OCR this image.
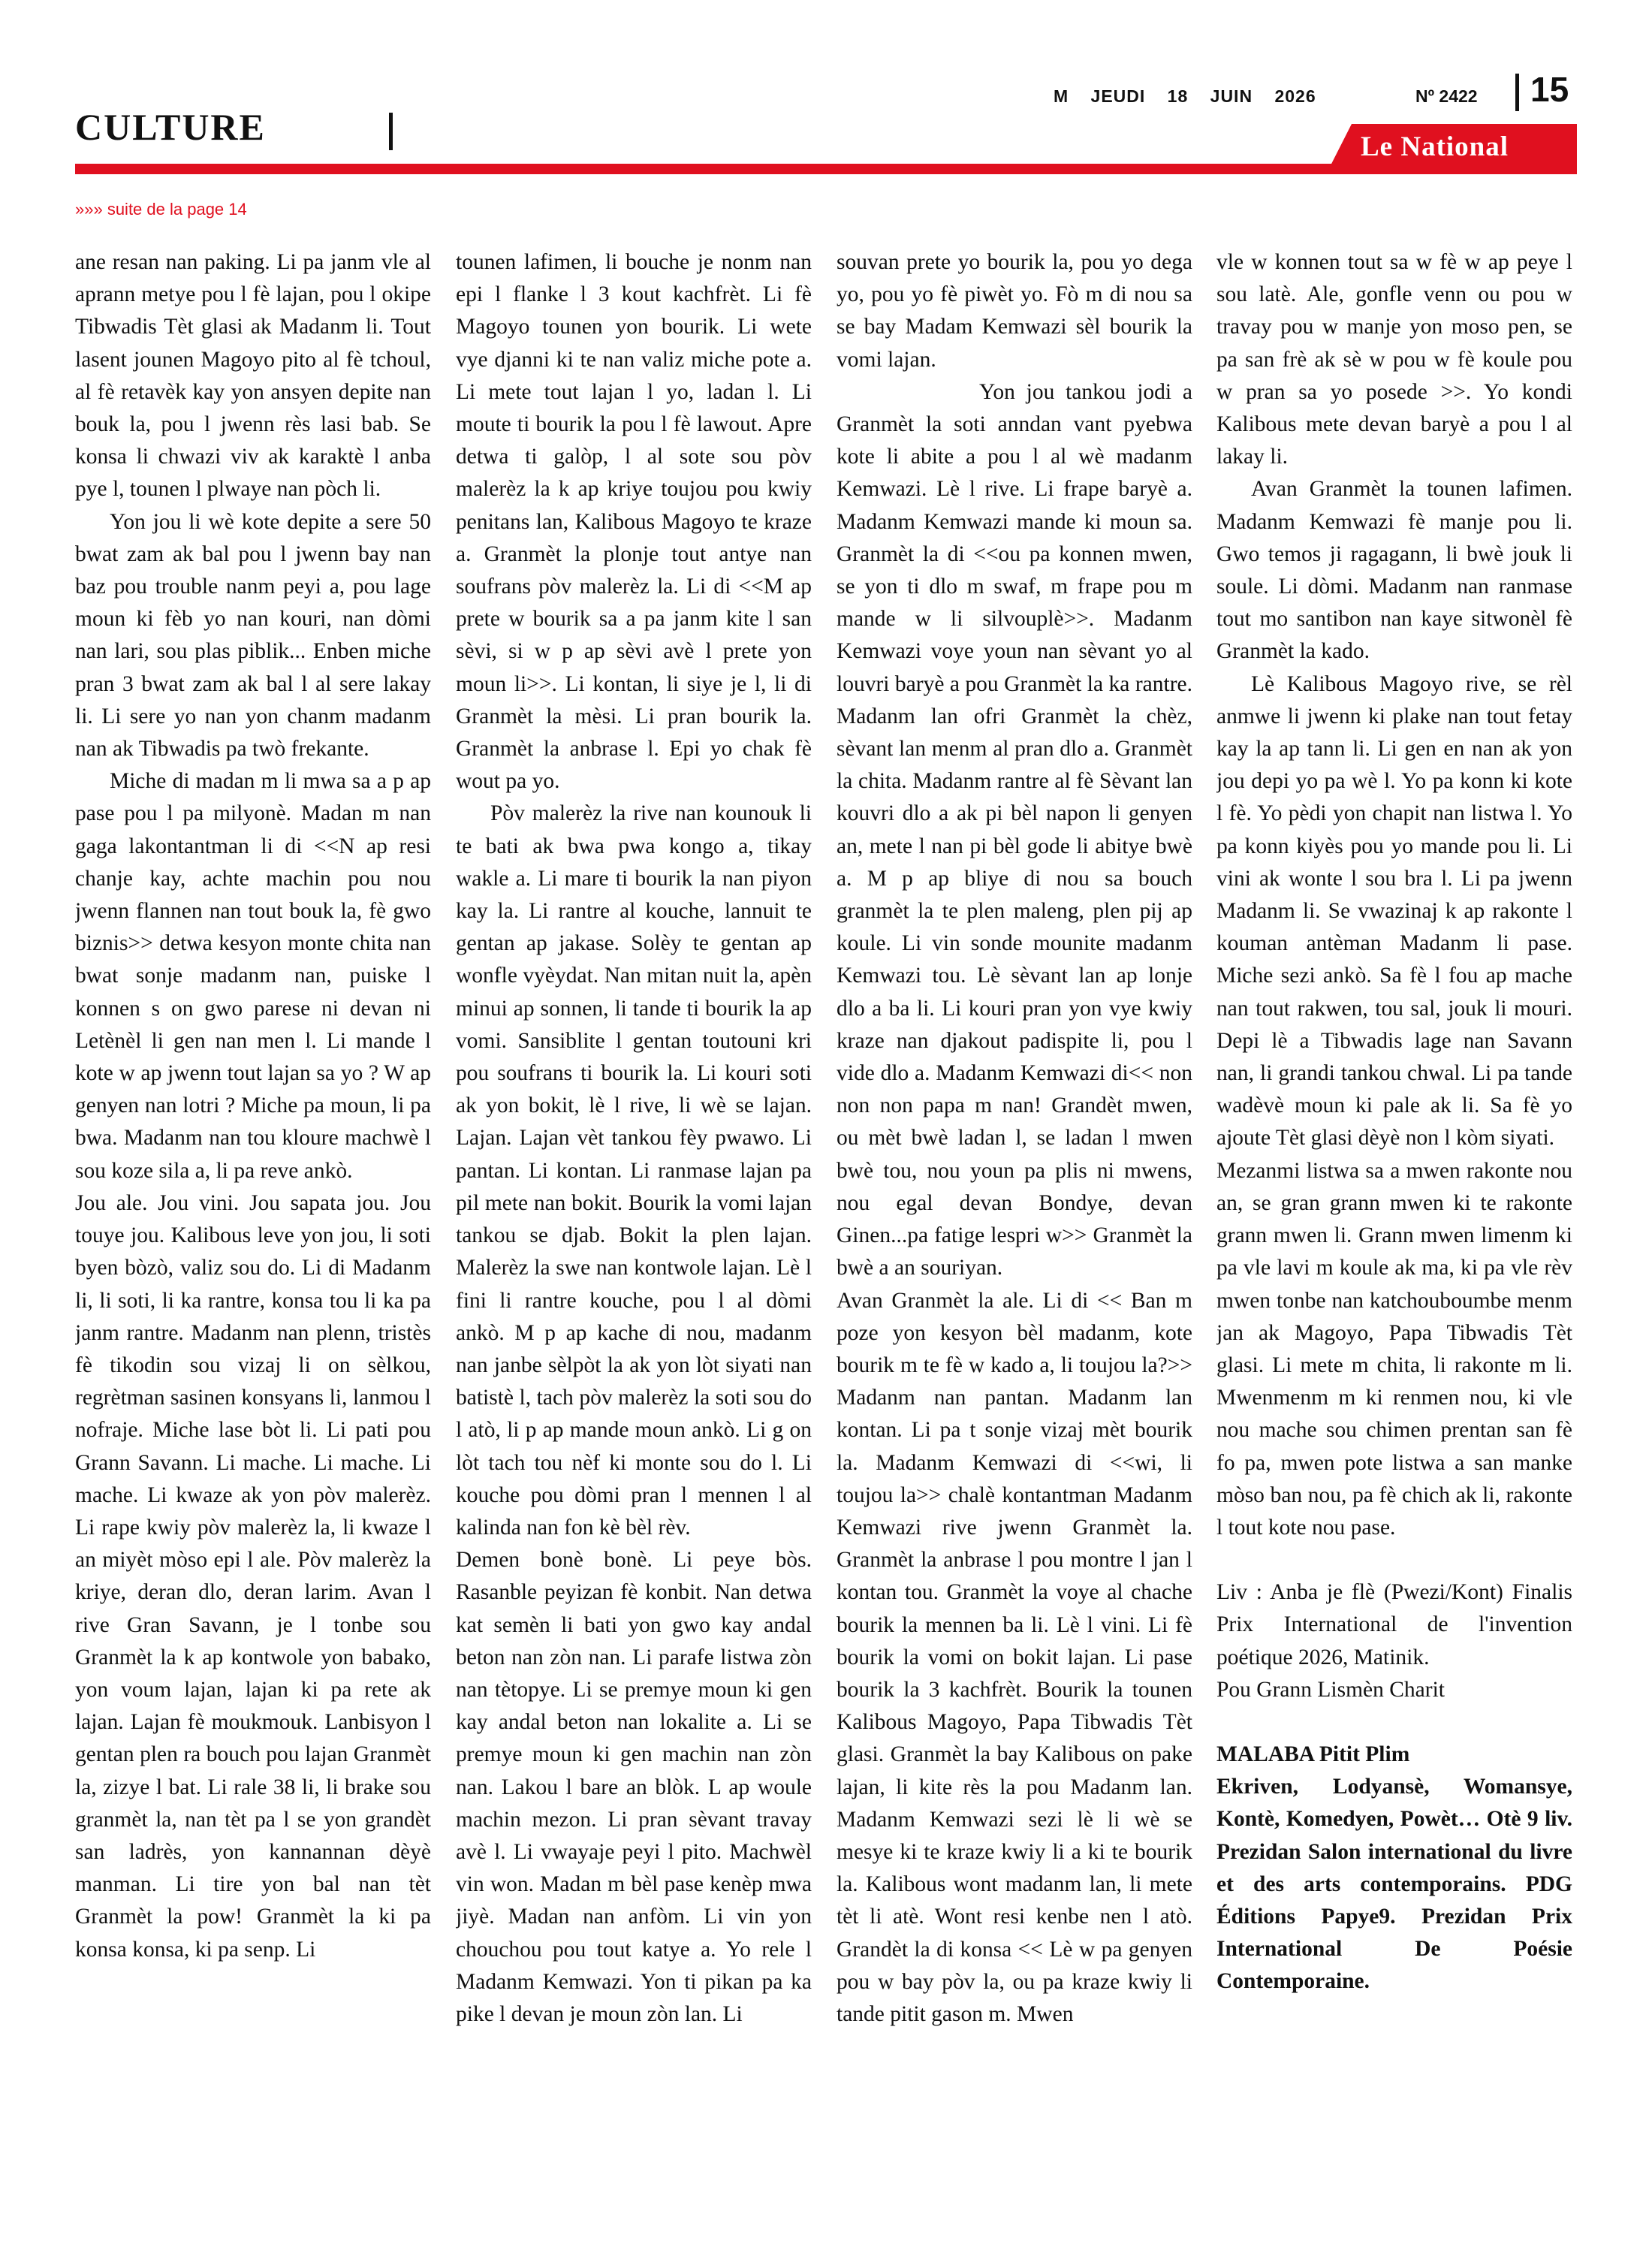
CULTURE
M JEUDI 18 JUIN 2026	Nº 2422 15
Le National
»»» suite de la page 14

ane resan nan paking. Li pa janm vle al aprann metye pou l fè lajan, pou l okipe Tibwadis Tèt glasi ak Madanm li. Tout lasent jounen Magoyo pito al fè tchoul, al fè retavèk kay yon ansyen depite nan bouk la, pou l jwenn rès lasi bab. Se konsa li chwazi viv ak karaktè l anba pye l, tounen l plwaye nan pòch li.

Yon jou li wè kote depite a sere 50 bwat zam ak bal pou l jwenn bay nan baz pou trouble nanm peyi a, pou lage moun ki fèb yo nan kouri, nan dòmi nan lari, sou plas piblik... Enben miche pran 3 bwat zam ak bal l al sere lakay li. Li sere yo nan yon chanm madanm nan ak Tibwadis pa twò frekante.

Miche di madan m li mwa sa a p ap pase pou l pa milyonè. Madan m nan gaga lakontantman li di <<N ap resi chanje kay, achte machin pou nou jwenn flannen nan tout bouk la, fè gwo biznis>> detwa kesyon monte chita nan bwat sonje madanm nan, puiske l konnen s on gwo parese ni devan ni Letènèl li gen nan men l. Li mande l kote w ap jwenn tout lajan sa yo ? W ap genyen nan lotri ? Miche pa moun, li pa bwa. Madanm nan tou kloure machwè l sou koze sila a, li pa reve ankò.

Jou ale. Jou vini. Jou sapata jou. Jou touye jou. Kalibous leve yon jou, li soti byen bòzò, valiz sou do. Li di Madanm li, li soti, li ka rantre, konsa tou li ka pa janm rantre. Madanm nan plenn, tristès fè tikodin sou vizaj li on sèlkou, regrètman sasinen konsyans li, lanmou l nofraje. Miche lase bòt li. Li pati pou Grann Savann. Li mache. Li mache. Li mache. Li kwaze ak yon pòv malerèz. Li rape kwiy pòv malerèz la, li kwaze l an miyèt mòso epi l ale. Pòv malerèz la kriye, deran dlo, deran larim. Avan l rive Gran Savann, je l tonbe sou Granmèt la k ap kontwole yon babako, yon voum lajan, lajan ki pa rete ak lajan. Lajan fè moukmouk. Lanbisyon l gentan plen ra bouch pou lajan Granmèt la, zizye l bat. Li rale 38 li, li brake sou granmèt la, nan tèt pa l se yon grandèt san ladrès, yon kannannan dèyè manman. Li tire yon bal nan tèt Granmèt la pow! Granmèt la ki pa konsa konsa, ki pa senp. Li

tounen lafimen, li bouche je nonm nan epi l flanke l 3 kout kachfrèt. Li fè Magoyo tounen yon bourik. Li wete vye djanni ki te nan valiz miche pote a. Li mete tout lajan l yo, ladan l. Li moute ti bourik la pou l fè lawout. Apre detwa ti galòp, l al sote sou pòv malerèz la k ap kriye toujou pou kwiy penitans lan, Kalibous Magoyo te kraze a. Granmèt la plonje tout antye nan soufrans pòv malerèz la. Li di <<M ap prete w bourik sa a pa janm kite l san sèvi, si w p ap sèvi avè l prete yon moun li>>. Li kontan, li siye je l, li di Granmèt la mèsi. Li pran bourik la. Granmèt la anbrase l. Epi yo chak fè wout pa yo.

Pòv malerèz la rive nan kounouk li te bati ak bwa pwa kongo a, tikay wakle a. Li mare ti bourik la nan piyon kay la. Li rantre al kouche, lannuit te gentan ap jakase. Solèy te gentan ap wonfle vyèydat. Nan mitan nuit la, apèn minui ap sonnen, li tande ti bourik la ap vomi. Sansiblite l gentan toutouni kri pou soufrans ti bourik la. Li kouri soti ak yon bokit, lè l rive, li wè se lajan. Lajan. Lajan vèt tankou fèy pwawo. Li pantan. Li kontan. Li ranmase lajan pa pil mete nan bokit. Bourik la vomi lajan tankou se djab. Bokit la plen lajan. Malerèz la swe nan kontwole lajan. Lè l fini li rantre kouche, pou l al dòmi ankò. M p ap kache di nou, madanm nan janbe sèlpòt la ak yon lòt siyati nan batistè l, tach pòv malerèz la soti sou do l atò, li p ap mande moun ankò. Li g on lòt tach tou nèf ki monte sou do l. Li kouche pou dòmi pran l mennen l al kalinda nan fon kè bèl rèv.

Demen bonè bonè. Li peye bòs. Rasanble peyizan fè konbit. Nan detwa kat semèn li bati yon gwo kay andal beton nan zòn nan. Li parafe listwa zòn nan tètopye. Li se premye moun ki gen kay andal beton nan lokalite a. Li se premye moun ki gen machin nan zòn nan. Lakou l bare an blòk. L ap woule machin mezon. Li pran sèvant travay avè l. Li vwayaje peyi l pito. Machwèl vin won. Madan m bèl pase kenèp mwa jiyè. Madan nan anfòm. Li vin yon chouchou pou tout katye a. Yo rele l Madanm Kemwazi. Yon ti pikan pa ka pike l devan je moun zòn lan. Li

souvan prete yo bourik la, pou yo dega yo, pou yo fè piwèt yo. Fò m di nou sa se bay Madam Kemwazi sèl bourik la vomi lajan.

Yon jou tankou jodi a Granmèt la soti anndan vant pyebwa kote li abite a pou l al wè madanm Kemwazi. Lè l rive. Li frape baryè a. Madanm Kemwazi mande ki moun sa. Granmèt la di <<ou pa konnen mwen, se yon ti dlo m swaf, m frape pou m mande w li silvouplè>>. Madanm Kemwazi voye youn nan sèvant yo al louvri baryè a pou Granmèt la ka rantre. Madanm lan ofri Granmèt la chèz, sèvant lan menm al pran dlo a. Granmèt la chita. Madanm rantre al fè Sèvant lan kouvri dlo a ak pi bèl napon li genyen an, mete l nan pi bèl gode li abitye bwè a. M p ap bliye di nou sa bouch granmèt la te plen maleng, plen pij ap koule. Li vin sonde mounite madanm Kemwazi tou. Lè sèvant lan ap lonje dlo a ba li. Li kouri pran yon vye kwiy kraze nan djakout padispite li, pou l vide dlo a. Madanm Kemwazi di<< non non non papa m nan! Grandèt mwen, ou mèt bwè ladan l, se ladan l mwen bwè tou, nou youn pa plis ni mwens, nou egal devan Bondye, devan Ginen...pa fatige lespri w>> Granmèt la bwè a an souriyan.

Avan Granmèt la ale. Li di << Ban m poze yon kesyon bèl madanm, kote bourik m te fè w kado a, li toujou la?>> Madanm nan pantan. Madanm lan kontan. Li pa t sonje vizaj mèt bourik la. Madanm Kemwazi di <<wi, li toujou la>> chalè kontantman Madanm Kemwazi rive jwenn Granmèt la. Granmèt la anbrase l pou montre l jan l kontan tou. Granmèt la voye al chache bourik la mennen ba li. Lè l vini. Li fè bourik la vomi on bokit lajan. Li pase bourik la 3 kachfrèt. Bourik la tounen Kalibous Magoyo, Papa Tibwadis Tèt glasi. Granmèt la bay Kalibous on pake lajan, li kite rès la pou Madanm lan. Madanm Kemwazi sezi lè li wè se mesye ki te kraze kwiy li a ki te bourik la. Kalibous wont madanm lan, li mete tèt li atè. Wont resi kenbe nen l atò. Grandèt la di konsa << Lè w pa genyen pou w bay pòv la, ou pa kraze kwiy li tande pitit gason m. Mwen

vle w konnen tout sa w fè w ap peye l sou latè. Ale, gonfle venn ou pou w travay pou w manje yon moso pen, se pa san frè ak sè w pou w fè koule pou w pran sa yo posede >>. Yo kondi Kalibous mete devan baryè a pou l al lakay li.

Avan Granmèt la tounen lafimen. Madanm Kemwazi fè manje pou li. Gwo temos ji ragagann, li bwè jouk li soule. Li dòmi. Madanm nan ranmase tout mo santibon nan kaye sitwonèl fè Granmèt la kado.

Lè Kalibous Magoyo rive, se rèl anmwe li jwenn ki plake nan tout fetay kay la ap tann li. Li gen en nan ak yon jou depi yo pa wè l. Yo pa konn ki kote l fè. Yo pèdi yon chapit nan listwa l. Yo pa konn kiyès pou yo mande pou li. Li vini ak wonte l sou bra l. Li pa jwenn Madanm li. Se vwazinaj k ap rakonte l kouman antèman Madanm li pase. Miche sezi ankò. Sa fè l fou ap mache nan tout rakwen, tou sal, jouk li mouri. Depi lè a Tibwadis lage nan Savann nan, li grandi tankou chwal. Li pa tande wadèvè moun ki pale ak li. Sa fè yo ajoute Tèt glasi dèyè non l kòm siyati.

Mezanmi listwa sa a mwen rakonte nou an, se gran grann mwen ki te rakonte grann mwen li. Grann mwen limenm ki pa vle lavi m koule ak ma, ki pa vle rèv mwen tonbe nan katchouboumbe menm jan ak Magoyo, Papa Tibwadis Tèt glasi. Li mete m chita, li rakonte m li. Mwenmenm m ki renmen nou, ki vle nou mache sou chimen prentan san fè fo pa, mwen pote listwa a san manke mòso ban nou, pa fè chich ak li, rakonte l tout kote nou pase.

Liv : Anba je flè (Pwezi/Kont) Finalis Prix International de l'invention poétique 2026, Matinik.

Pou Grann Lismèn Charit

MALABA Pitit Plim

Ekriven, Lodyansè, Womansye, Kontè, Komedyen, Powèt… Otè 9 liv. Prezidan Salon international du livre et des arts contemporains. PDG Éditions Papye9. Prezidan Prix International De Poésie Contemporaine.
